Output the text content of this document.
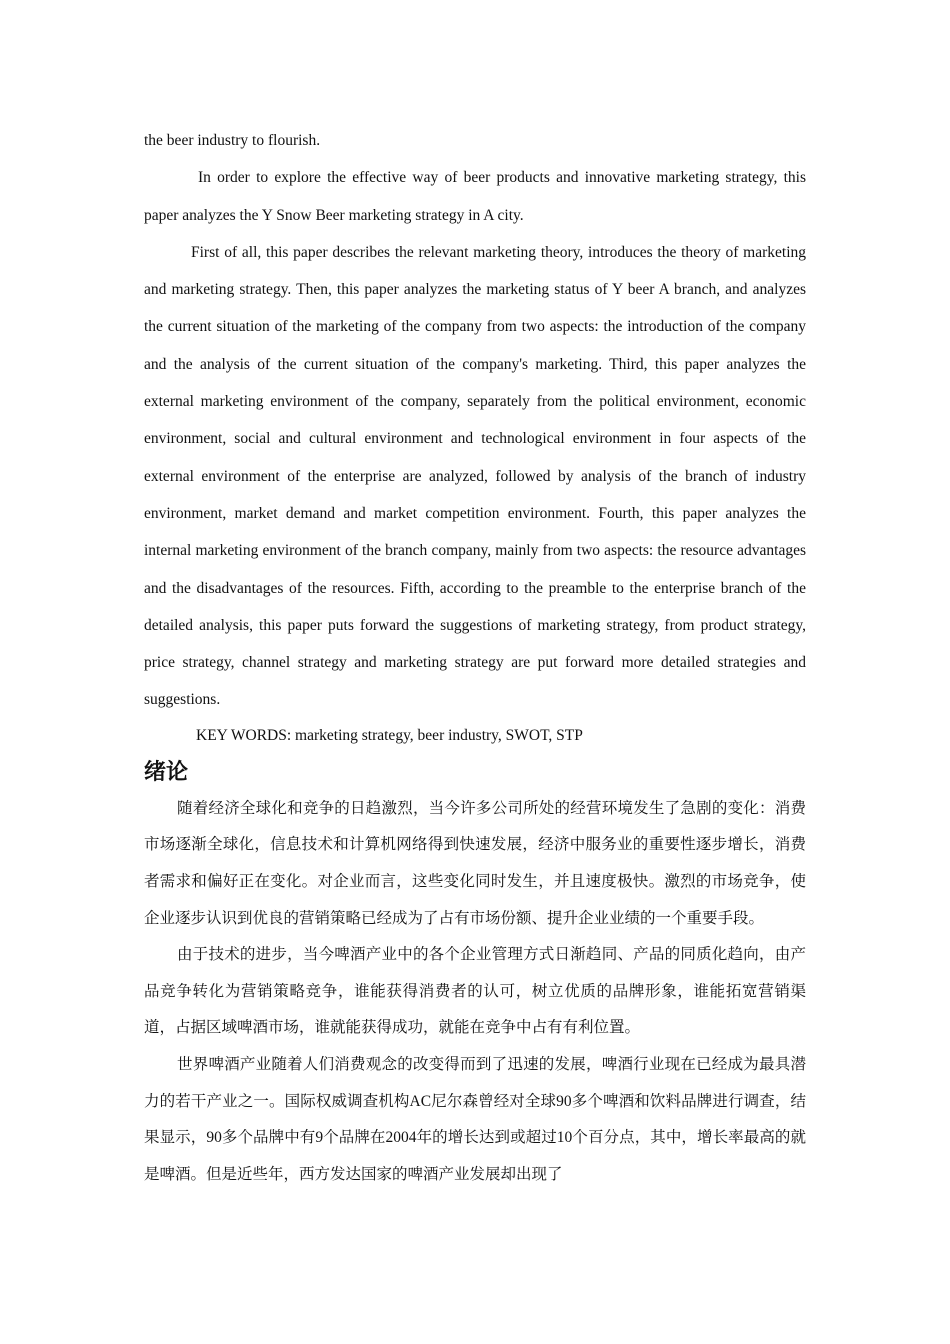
the beer industry to flourish.

In order to explore the effective way of beer products and innovative marketing strategy, this paper analyzes the Y Snow Beer marketing strategy in A city.

First of all, this paper describes the relevant marketing theory, introduces the theory of marketing and marketing strategy. Then, this paper analyzes the marketing status of Y beer A branch, and analyzes the current situation of the marketing of the company from two aspects: the introduction of the company and the analysis of the current situation of the company's marketing. Third, this paper analyzes the external marketing environment of the company, separately from the political environment, economic environment, social and cultural environment and technological environment in four aspects of the external environment of the enterprise are analyzed, followed by analysis of the branch of industry environment, market demand and market competition environment. Fourth, this paper analyzes the internal marketing environment of the branch company, mainly from two aspects: the resource advantages and the disadvantages of the resources. Fifth, according to the preamble to the enterprise branch of the detailed analysis, this paper puts forward the suggestions of marketing strategy, from product strategy, price strategy, channel strategy and marketing strategy are put forward more detailed strategies and suggestions.

KEY WORDS: marketing strategy, beer industry, SWOT, STP

绪论

随着经济全球化和竞争的日趋激烈，当今许多公司所处的经营环境发生了急剧的变化：消费市场逐渐全球化，信息技术和计算机网络得到快速发展，经济中服务业的重要性逐步增长，消费者需求和偏好正在变化。对企业而言，这些变化同时发生，并且速度极快。激烈的市场竞争，使企业逐步认识到优良的营销策略已经成为了占有市场份额、提升企业业绩的一个重要手段。

由于技术的进步，当今啤酒产业中的各个企业管理方式日渐趋同、产品的同质化趋向，由产品竞争转化为营销策略竞争，谁能获得消费者的认可，树立优质的品牌形象，谁能拓宽营销渠道，占据区域啤酒市场，谁就能获得成功，就能在竞争中占有有利位置。

世界啤酒产业随着人们消费观念的改变得而到了迅速的发展，啤酒行业现在已经成为最具潜力的若干产业之一。国际权威调查机构AC尼尔森曾经对全球90多个啤酒和饮料品牌进行调查，结果显示，90多个品牌中有9个品牌在2004年的增长达到或超过10个百分点，其中，增长率最高的就是啤酒。但是近些年，西方发达国家的啤酒产业发展却出现了
